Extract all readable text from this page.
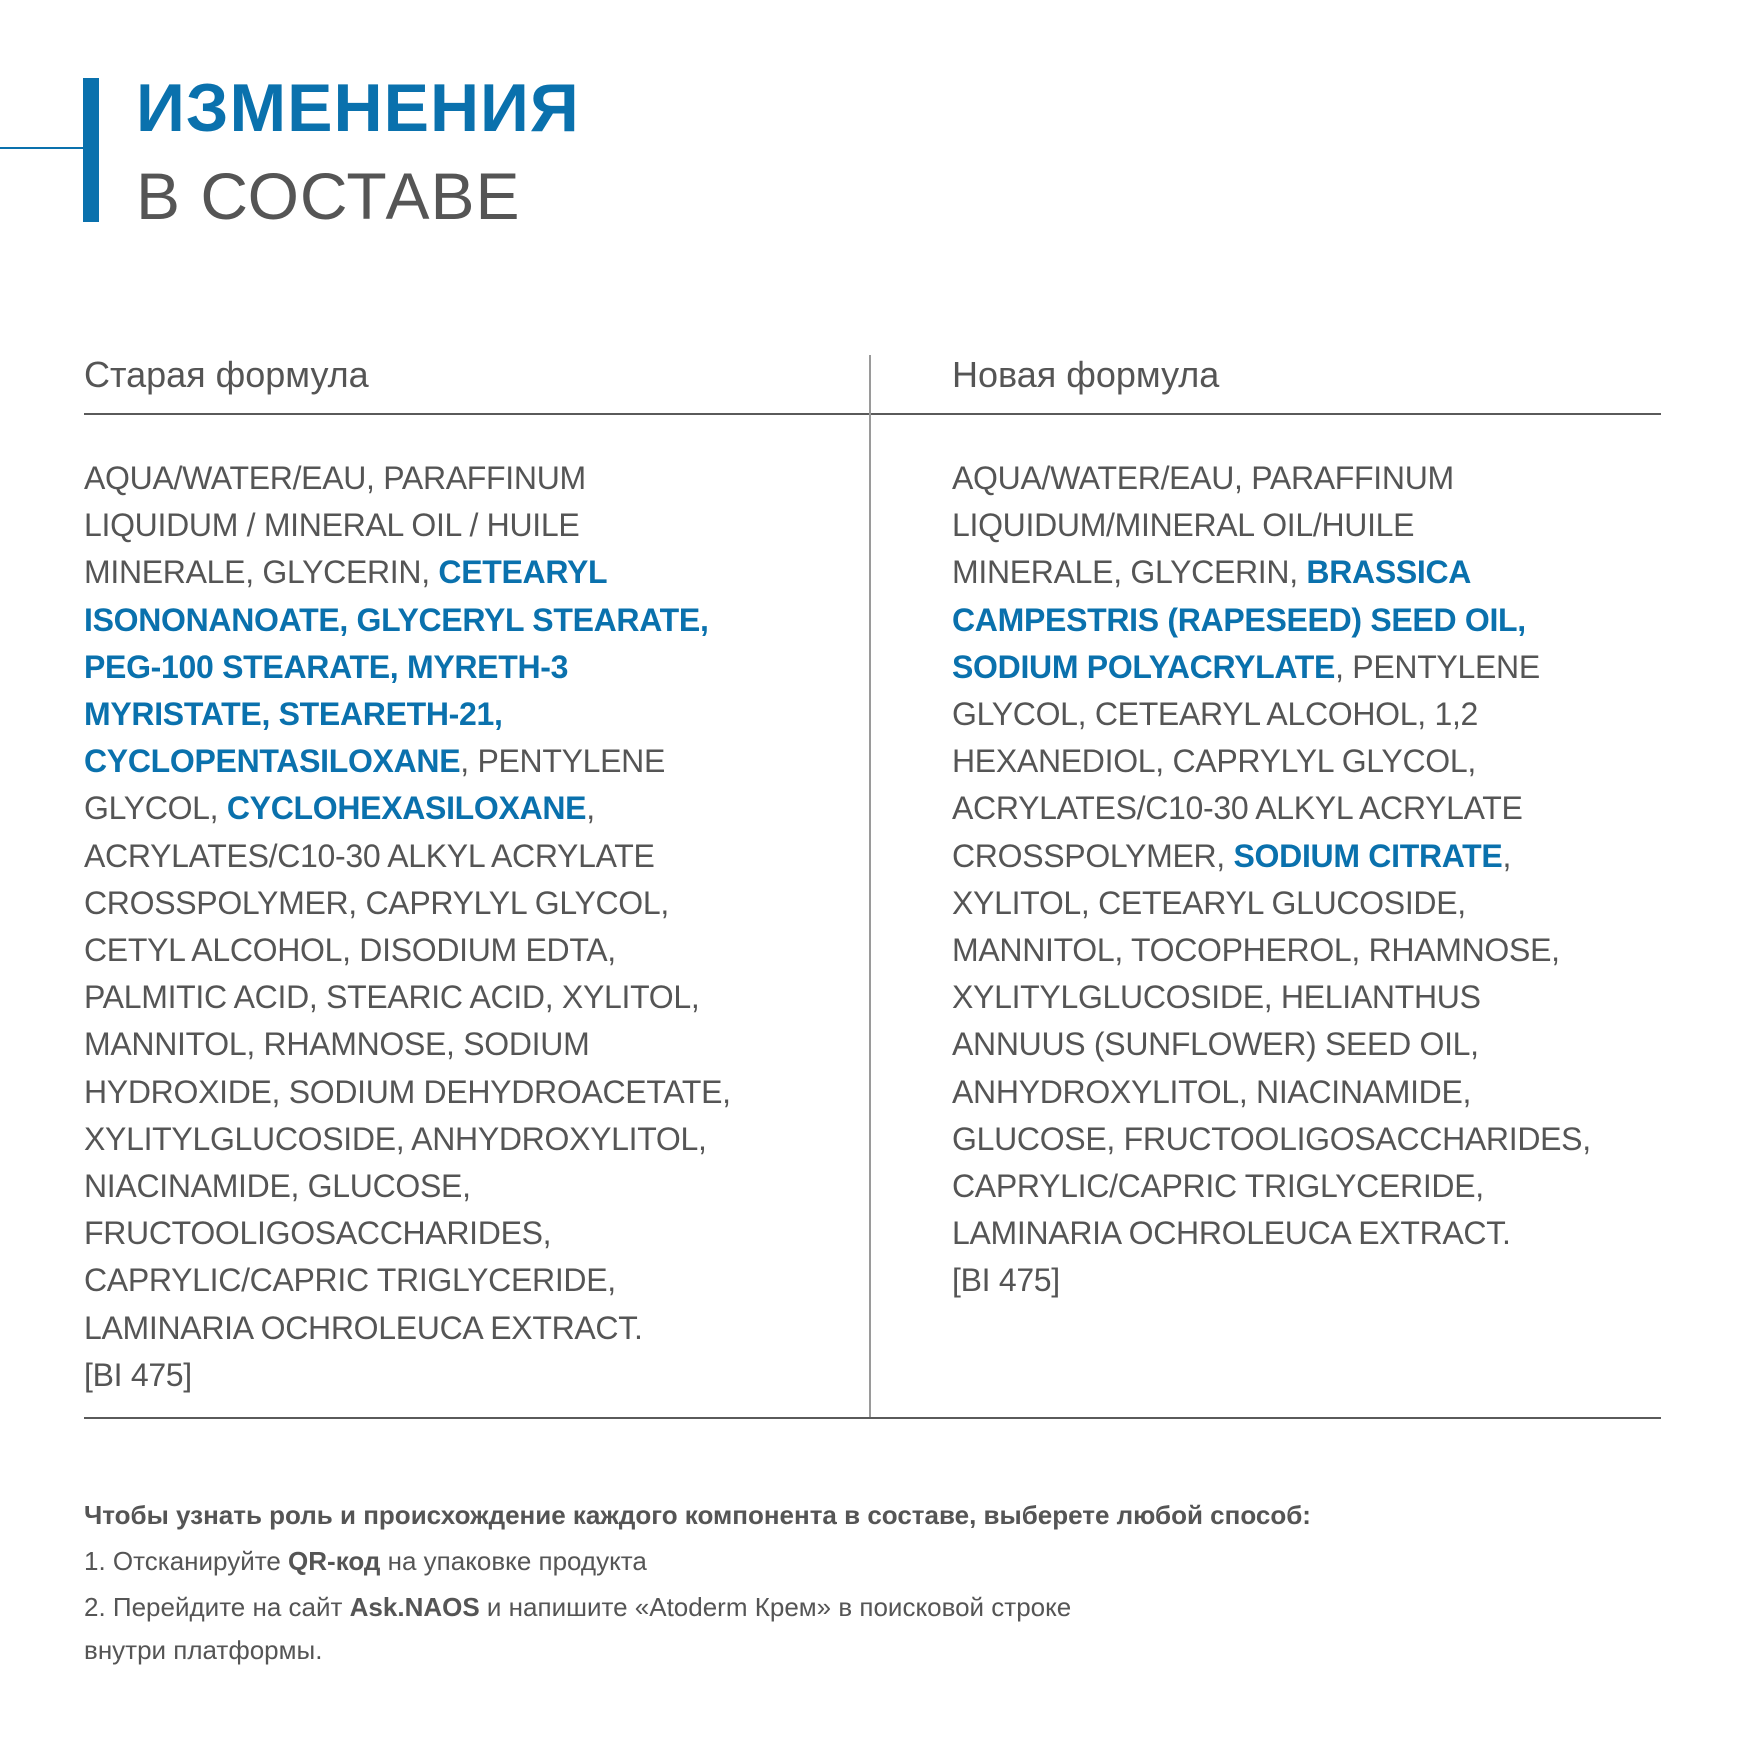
ИЗМЕНЕНИЯ
В СОСТАВЕ
Старая формула	Новая формула
AQUA/WATER/EAU, PARAFFINUM
LIQUIDUM / MINERAL OIL / HUILE
MINERALE, GLYCERIN, CETEARYL
ISONONANOATE, GLYCERYL STEARATE,
PEG-100 STEARATE, MYRETH-3
MYRISTATE, STEARETH-21,
CYCLOPENTASILOXANE, PENTYLENE
GLYCOL, CYCLOHEXASILOXANE,
ACRYLATES/C10-30 ALKYL ACRYLATE
CROSSPOLYMER, CAPRYLYL GLYCOL,
CETYL ALCOHOL, DISODIUM EDTA,
PALMITIC ACID, STEARIC ACID, XYLITOL,
MANNITOL, RHAMNOSE, SODIUM
HYDROXIDE, SODIUM DEHYDROACETATE,
XYLITYLGLUCOSIDE, ANHYDROXYLITOL,
NIACINAMIDE, GLUCOSE,
FRUCTOOLIGOSACCHARIDES,
CAPRYLIC/CAPRIC TRIGLYCERIDE,
LAMINARIA OCHROLEUCA EXTRACT.
[BI 475]
AQUA/WATER/EAU, PARAFFINUM
LIQUIDUM/MINERAL OIL/HUILE
MINERALE, GLYCERIN, BRASSICA
CAMPESTRIS (RAPESEED) SEED OIL,
SODIUM POLYACRYLATE, PENTYLENE
GLYCOL, CETEARYL ALCOHOL, 1,2
HEXANEDIOL, CAPRYLYL GLYCOL,
ACRYLATES/C10-30 ALKYL ACRYLATE
CROSSPOLYMER, SODIUM CITRATE,
XYLITOL, CETEARYL GLUCOSIDE,
MANNITOL, TOCOPHEROL, RHAMNOSE,
XYLITYLGLUCOSIDE, HELIANTHUS
ANNUUS (SUNFLOWER) SEED OIL,
ANHYDROXYLITOL, NIACINAMIDE,
GLUCOSE, FRUCTOOLIGOSACCHARIDES,
CAPRYLIC/CAPRIC TRIGLYCERIDE,
LAMINARIA OCHROLEUCA EXTRACT.
[BI 475]
Чтобы узнать роль и происхождение каждого компонента в составе, выберете любой способ:
1. Отсканируйте QR-код на упаковке продукта
2. Перейдите на сайт Ask.NAOS и напишите «Atoderm Крем» в поисковой строке
внутри платформы.
